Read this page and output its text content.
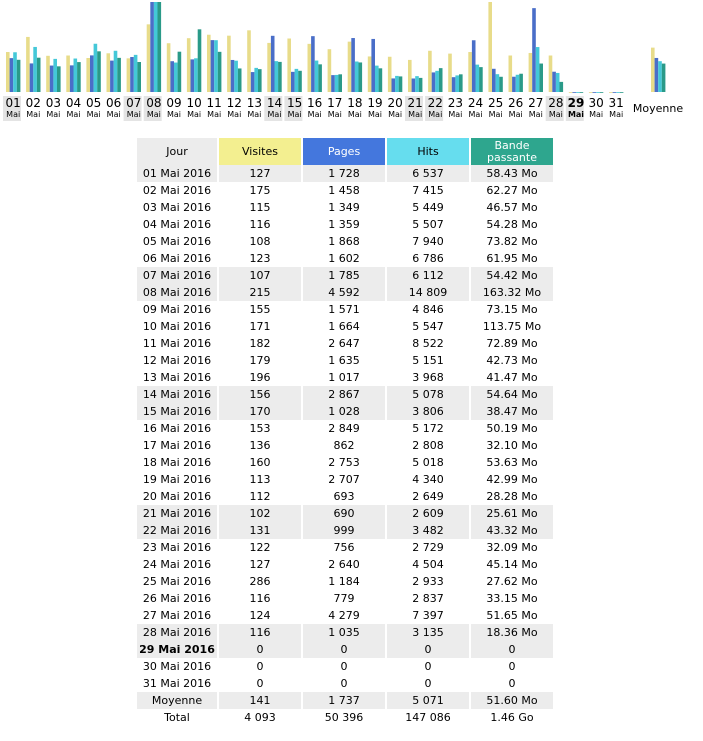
01
Mai
02
Mai
03
Mai
04
Mai
05
Mai
06
Mai
07
Mai
08
Mai
09
Mai
10
Mai
11
Mai
12
Mai
13
Mai
14
Mai
15
Mai
16
Mai
17
Mai
18
Mai
19
Mai
20
Mai
21
Mai
22
Mai
23
Mai
24
Mai
25
Mai
26
Mai
27
Mai
28
Mai
29
Mai
30
Mai
31
Mai Moyenne
Jour	Visites	Pages	Hits	Bande
passante
01 Mai 2016	127	1 728	6 537	58.43 Mo
02 Mai 2016	175	1 458	7 415	62.27 Mo
03 Mai 2016	115	1 349	5 449	46.57 Mo
04 Mai 2016	116	1 359	5 507	54.28 Mo
05 Mai 2016	108	1 868	7 940	73.82 Mo
06 Mai 2016	123	1 602	6 786	61.95 Mo
07 Mai 2016	107	1 785	6 112	54.42 Mo
08 Mai 2016	215	4 592	14 809	163.32 Mo
09 Mai 2016	155	1 571	4 846	73.15 Mo
10 Mai 2016	171	1 664	5 547	113.75 Mo
11 Mai 2016	182	2 647	8 522	72.89 Mo
12 Mai 2016	179	1 635	5 151	42.73 Mo
13 Mai 2016	196	1 017	3 968	41.47 Mo
14 Mai 2016	156	2 867	5 078	54.64 Mo
15 Mai 2016	170	1 028	3 806	38.47 Mo
16 Mai 2016	153	2 849	5 172	50.19 Mo
17 Mai 2016	136	862	2 808	32.10 Mo
18 Mai 2016	160	2 753	5 018	53.63 Mo
19 Mai 2016	113	2 707	4 340	42.99 Mo
20 Mai 2016	112	693	2 649	28.28 Mo
21 Mai 2016	102	690	2 609	25.61 Mo
22 Mai 2016	131	999	3 482	43.32 Mo
23 Mai 2016	122	756	2 729	32.09 Mo
24 Mai 2016	127	2 640	4 504	45.14 Mo
25 Mai 2016	286	1 184	2 933	27.62 Mo
26 Mai 2016	116	779	2 837	33.15 Mo
27 Mai 2016	124	4 279	7 397	51.65 Mo
28 Mai 2016	116	1 035	3 135	18.36 Mo
29 Mai 2016	0	0	0	0
30 Mai 2016	0	0	0	0
31 Mai 2016	0	0	0	0
Moyenne	141	1 737	5 071	51.60 Mo
Total	4 093	50 396	147 086	1.46 Go
